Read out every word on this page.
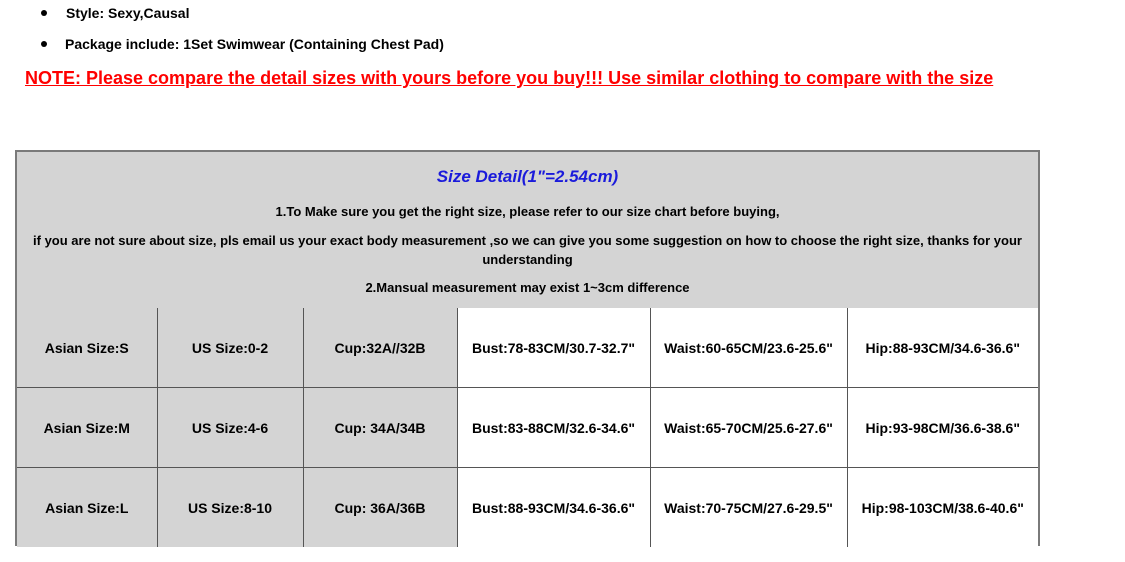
Style: Sexy,Causal
Package include: 1Set Swimwear (Containing Chest Pad)
NOTE: Please compare the detail sizes with yours before you buy!!! Use similar clothing to compare with the size
Size Detail(1"=2.54cm)
1.To Make sure you get the right size, please refer to our size chart before buying,
if you are not sure about size, pls email us your exact body measurement ,so we can give you some suggestion on how to choose the right size, thanks for your understanding
2.Mansual measurement may exist 1~3cm difference
Asian Size:S	US Size:0-2	Cup:32A//32B	Bust:78-83CM/30.7-32.7"	Waist:60-65CM/23.6-25.6"	Hip:88-93CM/34.6-36.6"
Asian Size:M	US Size:4-6	Cup: 34A/34B	Bust:83-88CM/32.6-34.6"	Waist:65-70CM/25.6-27.6"	Hip:93-98CM/36.6-38.6"
Asian Size:L	US Size:8-10	Cup: 36A/36B	Bust:88-93CM/34.6-36.6"	Waist:70-75CM/27.6-29.5"	Hip:98-103CM/38.6-40.6"
